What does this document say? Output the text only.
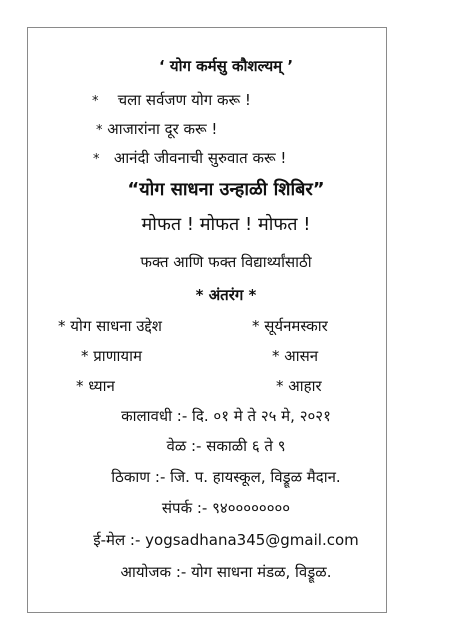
‘ योग कर्मसु कौशल्यम् ’
* चला सर्वजण योग करू !
* आजारांना दूर करू !
* आनंदी जीवनाची सुरुवात करू !
“योग साधना उन्हाळी शिबिर”
मोफत ! मोफत ! मोफत !
फक्त आणि फक्त विद्यार्थ्यांसाठी
* अंतरंग *
* योग साधना उद्देश	* सूर्यनमस्कार
* प्राणायाम	* आसन
* ध्यान	* आहार
कालावधी :- दि. ०१ मे ते २५ मे, २०२१
वेळ :- सकाळी ६ ते ९
ठिकाण :- जि. प. हायस्कूल, विड्रूळ मैदान.
संपर्क :- ९४००००००००
ई-मेल :- yogsadhana345@gmail.com
आयोजक :- योग साधना मंडळ, विड्रूळ.
